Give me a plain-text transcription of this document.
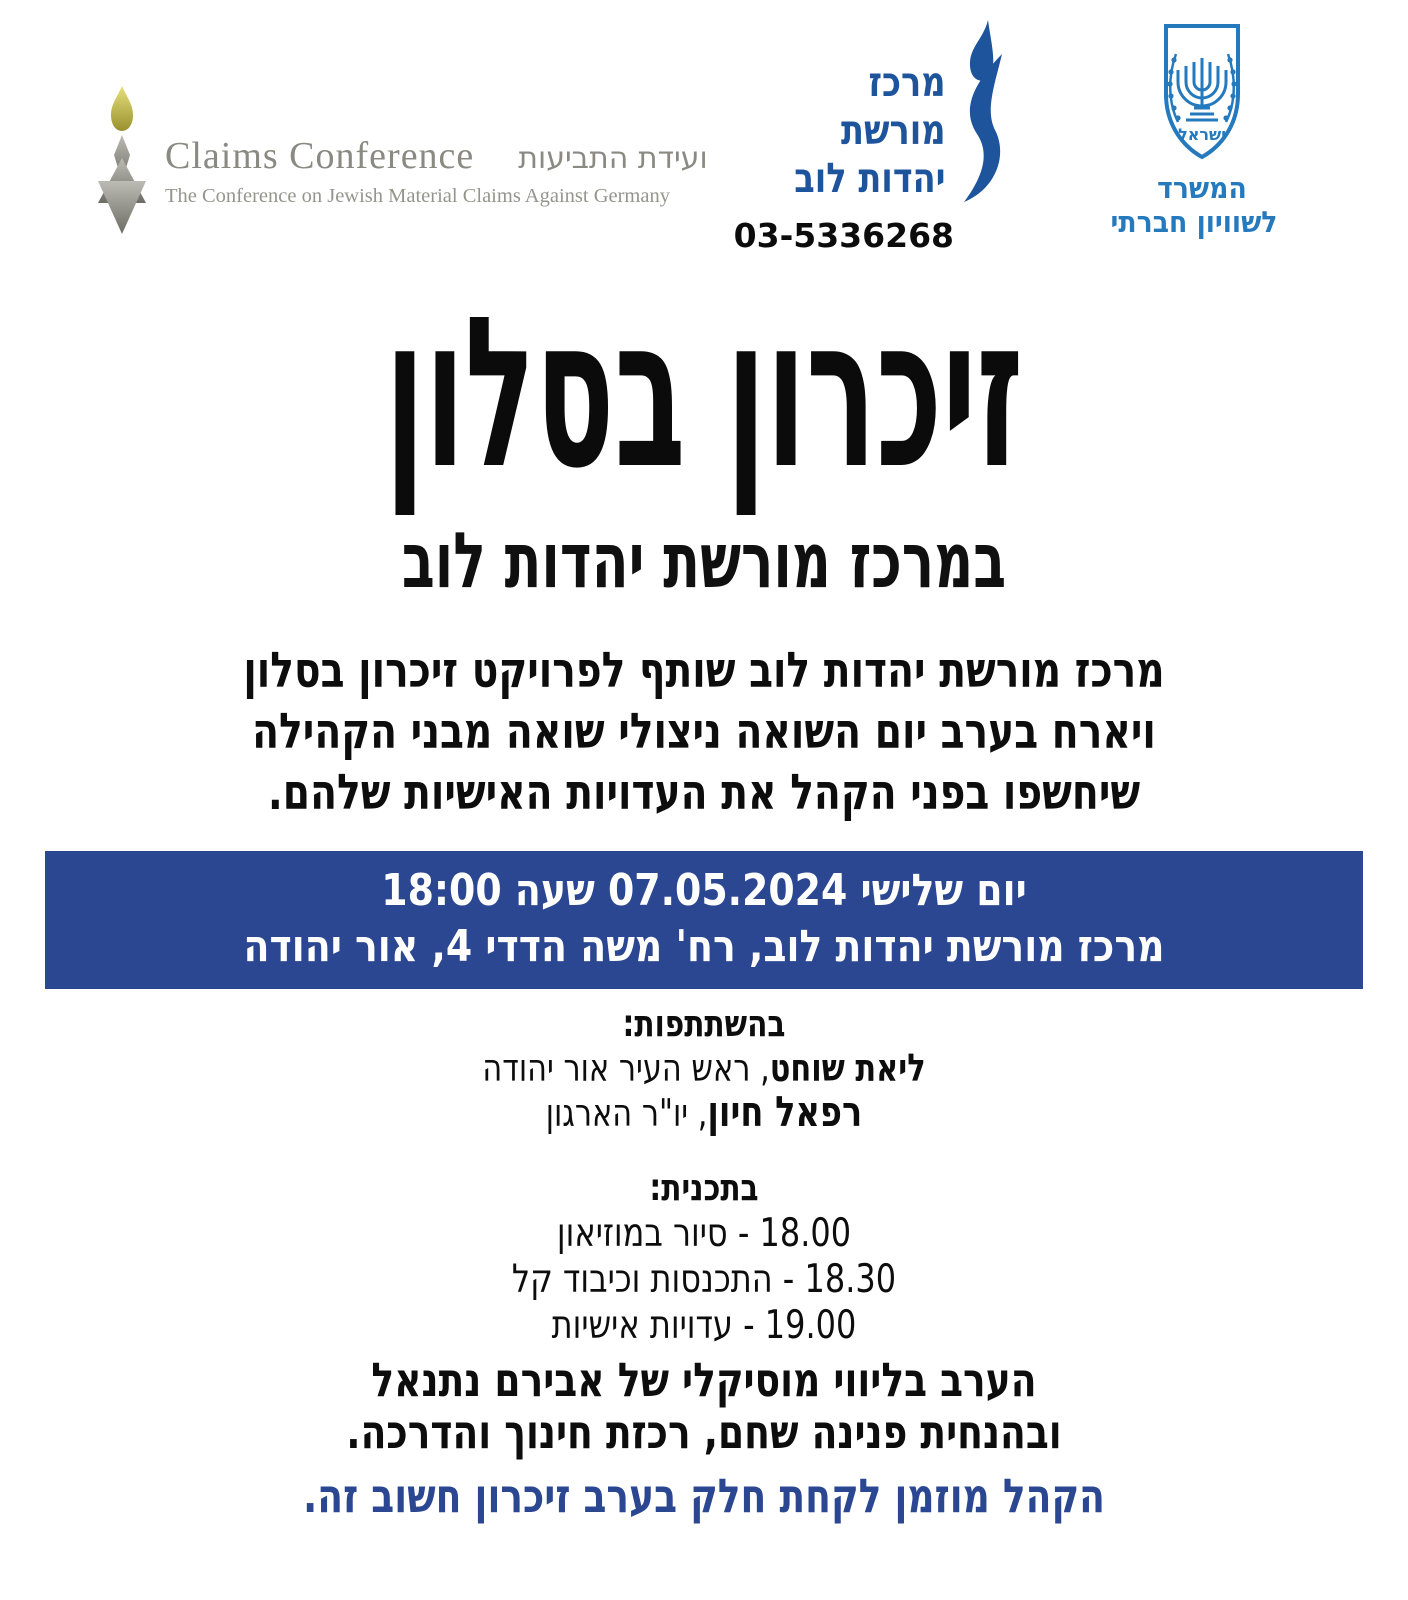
Claims Conference ועידת התביעות
The Conference on Jewish Material Claims Against Germany
מרכז
מורשת
יהדות לוב
03-5336268
ישראל
המשרד
לשוויון חברתי
זיכרון בסלון
במרכז מורשת יהדות לוב
מרכז מורשת יהדות לוב שותף לפרויקט זיכרון בסלון
ויארח בערב יום השואה ניצולי שואה מבני הקהילה
שיחשפו בפני הקהל את העדויות האישיות שלהם.
יום שלישי 07.05.2024 שעה 18:00
מרכז מורשת יהדות לוב, רח' משה הדדי 4, אור יהודה
בהשתתפות:
ליאת שוחט, ראש העיר אור יהודה
רפאל חיון, יו"ר הארגון
בתכנית:
18.00 - סיור במוזיאון
18.30 - התכנסות וכיבוד קל
19.00 - עדויות אישיות
הערב בליווי מוסיקלי של אבירם נתנאל
ובהנחית פנינה שחם, רכזת חינוך והדרכה.
הקהל מוזמן לקחת חלק בערב זיכרון חשוב זה.
